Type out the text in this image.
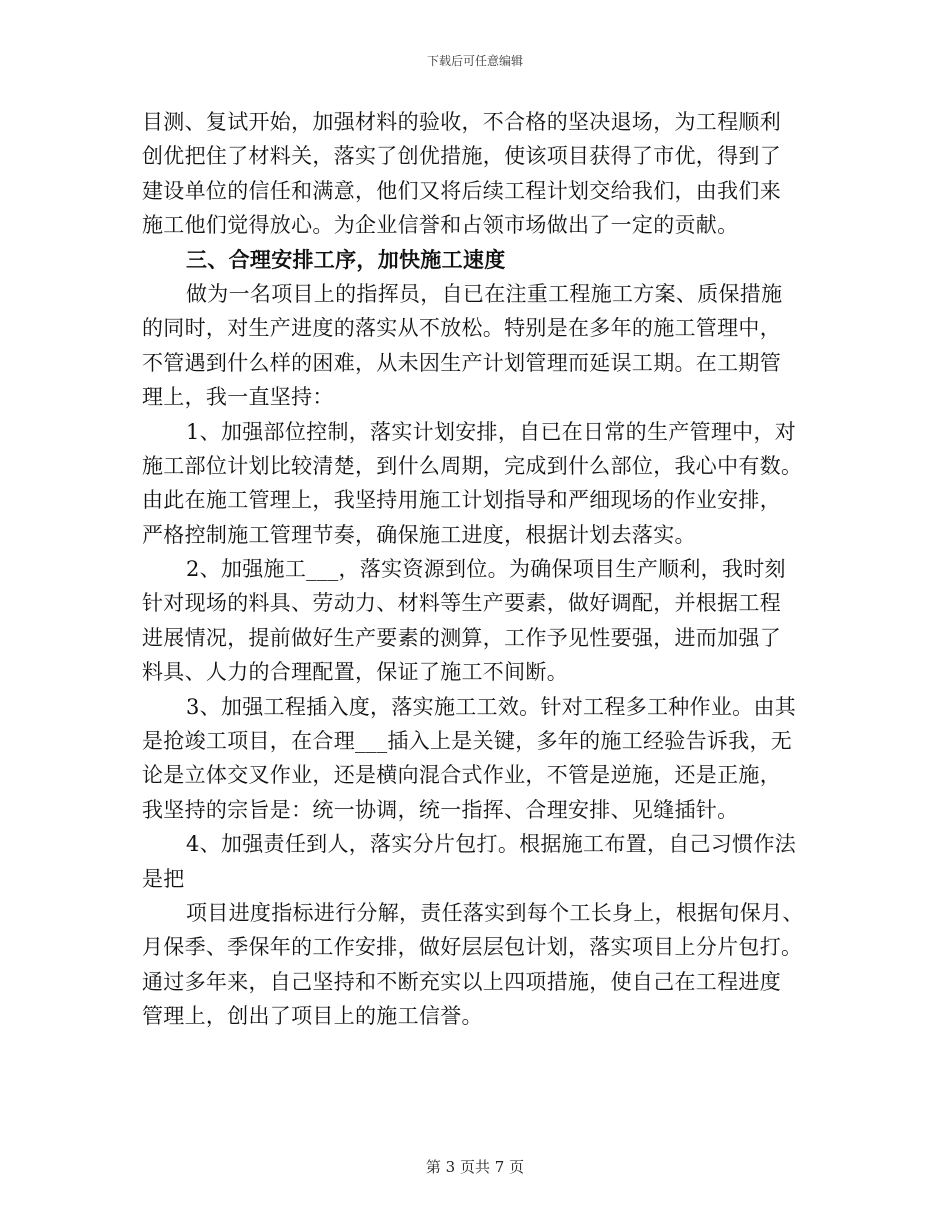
下载后可任意编辑
目测、复试开始，加强材料的验收，不合格的坚决退场，为工程顺利
创优把住了材料关，落实了创优措施，使该项目获得了市优，得到了
建设单位的信任和满意，他们又将后续工程计划交给我们，由我们来
施工他们觉得放心。为企业信誉和占领市场做出了一定的贡献。
三、合理安排工序，加快施工速度
做为一名项目上的指挥员，自已在注重工程施工方案、质保措施
的同时，对生产进度的落实从不放松。特别是在多年的施工管理中，
不管遇到什么样的困难，从未因生产计划管理而延误工期。在工期管
理上，我一直坚持：
1、加强部位控制，落实计划安排，自已在日常的生产管理中，对
施工部位计划比较清楚，到什么周期，完成到什么部位，我心中有数。
由此在施工管理上，我坚持用施工计划指导和严细现场的作业安排，
严格控制施工管理节奏，确保施工进度，根据计划去落实。
2、加强施工___，落实资源到位。为确保项目生产顺利，我时刻
针对现场的料具、劳动力、材料等生产要素，做好调配，并根据工程
进展情况，提前做好生产要素的测算，工作予见性要强，进而加强了
料具、人力的合理配置，保证了施工不间断。
3、加强工程插入度，落实施工工效。针对工程多工种作业。由其
是抢竣工项目，在合理___插入上是关键，多年的施工经验告诉我，无
论是立体交叉作业，还是横向混合式作业，不管是逆施，还是正施，
我坚持的宗旨是：统一协调，统一指挥、合理安排、见缝插针。
4、加强责任到人，落实分片包打。根据施工布置，自己习惯作法
是把
项目进度指标进行分解，责任落实到每个工长身上，根据旬保月、
月保季、季保年的工作安排，做好层层包计划，落实项目上分片包打。
通过多年来，自己坚持和不断充实以上四项措施，使自己在工程进度
管理上，创出了项目上的施工信誉。
第 3 页共 7 页
